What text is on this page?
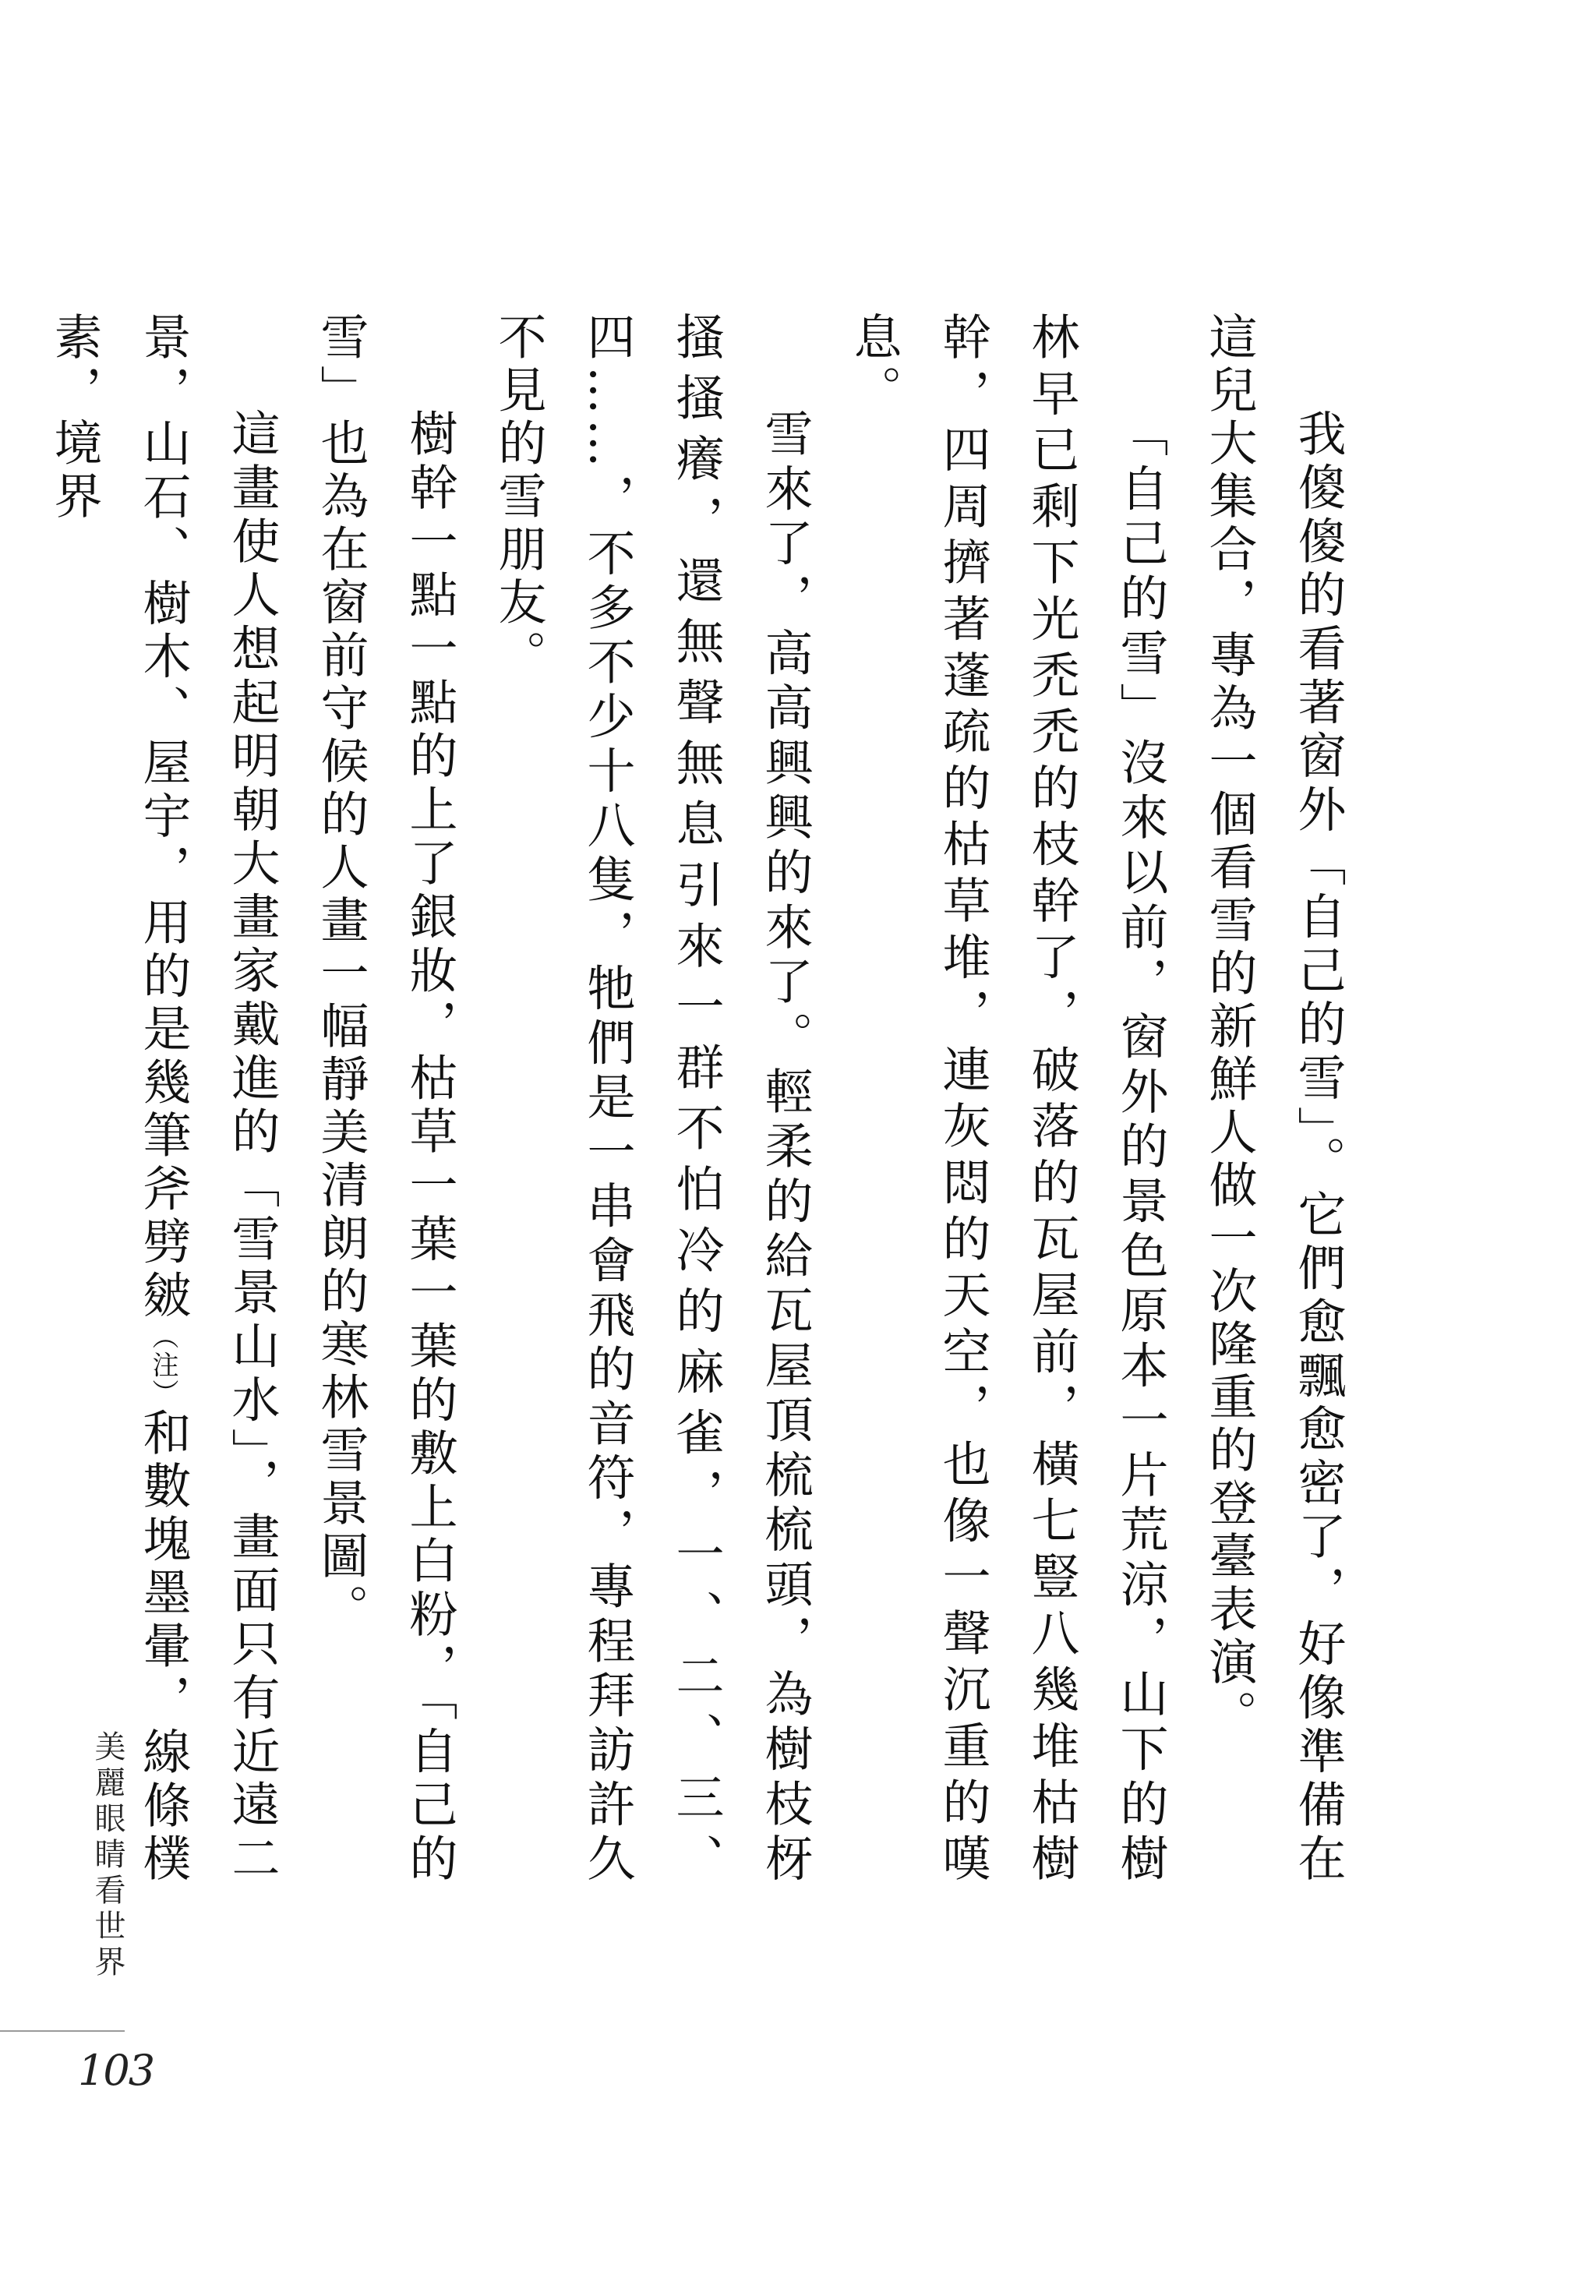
我傻傻的看著窗外「自己的雪」。它們愈飄愈密了，好像準備在這兒大集合，專為一個看雪的新鮮人做一次隆重的登臺表演。

「自己的雪」沒來以前，窗外的景色原本一片荒涼，山下的樹林早已剩下光禿禿的枝幹了，破落的瓦屋前，橫七豎八幾堆枯樹幹，四周擠著蓬疏的枯草堆，連灰悶的天空，也像一聲沉重的嘆息。

雪來了，高高興興的來了。輕柔的給瓦屋頂梳梳頭，為樹枝枒搔搔癢，還無聲無息引來一群不怕冷的麻雀，一、二、三、四……，不多不少十八隻，牠們是一串會飛的音符，專程拜訪許久不見的雪朋友。

樹幹一點一點的上了銀妝，枯草一葉一葉的敷上白粉，「自己的雪」也為在窗前守候的人畫一幅靜美清朗的寒林雪景圖。

這畫使人想起明朝大畫家戴進的「雪景山水」，畫面只有近遠二景，山石、樹木、屋宇，用的是幾筆斧劈皴（注）和數塊墨暈，線條樸素，境界

美麗眼睛看世界
103
